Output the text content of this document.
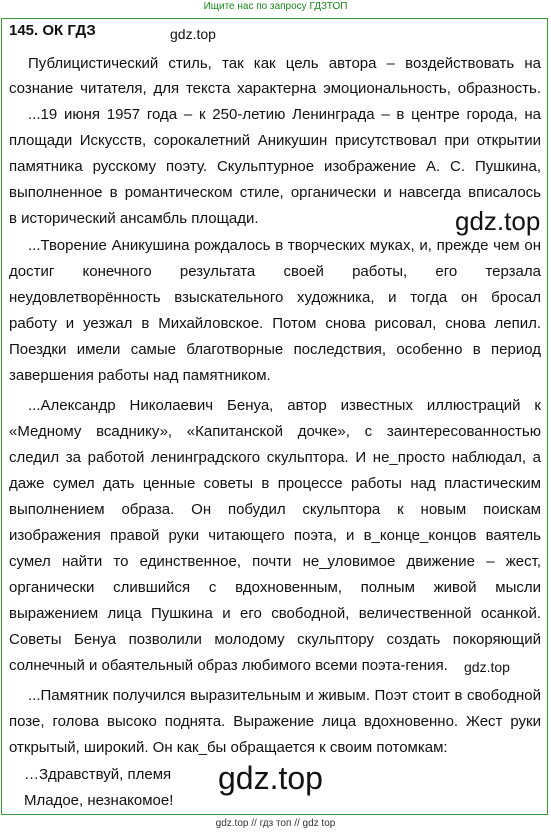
Ищите нас по запросу ГДЗТОП
145. ОК ГДЗ	gdz.top
gdz.top
gdz.top
gdz.top
Публицистический стиль, так как цель автора – воздействовать на
сознание читателя, для текста характерна эмоциональность, образность.
...19 июня 1957 года – к 250-летию Ленинграда – в центре города, на
площади Искусств, сорокалетний Аникушин присутствовал при открытии
памятника русскому поэту. Скульптурное изображение А. С. Пушкина,
выполненное в романтическом стиле, органически и навсегда вписалось
в исторический ансамбль площади.
...Творение Аникушина рождалось в творческих муках, и, прежде чем он
достиг конечного результата своей работы, его терзала
неудовлетворённость взыскательного художника, и тогда он бросал
работу и уезжал в Михайловское. Потом снова рисовал, снова лепил.
Поездки имели самые благотворные последствия, особенно в период
завершения работы над памятником.
...Александр Николаевич Бенуа, автор известных иллюстраций к
«Медному всаднику», «Капитанской дочке», с заинтересованностью
следил за работой ленинградского скульптора. И не_просто наблюдал, а
даже сумел дать ценные советы в процессе работы над пластическим
выполнением образа. Он побудил скульптора к новым поискам
изображения правой руки читающего поэта, и в_конце_концов ваятель
сумел найти то единственное, почти не_уловимое движение – жест,
органически слившийся с вдохновенным, полным живой мысли
выражением лица Пушкина и его свободной, величественной осанкой.
Советы Бенуа позволили молодому скульптору создать покоряющий
солнечный и обаятельный образ любимого всеми поэта-гения.
...Памятник получился выразительным и живым. Поэт стоит в свободной
позе, голова высоко поднята. Выражение лица вдохновенно. Жест руки
открытый, широкий. Он как_бы обращается к своим потомкам:
…Здравствуй, племя
Младое, незнакомое!
gdz.top // гдз топ // gdz top
